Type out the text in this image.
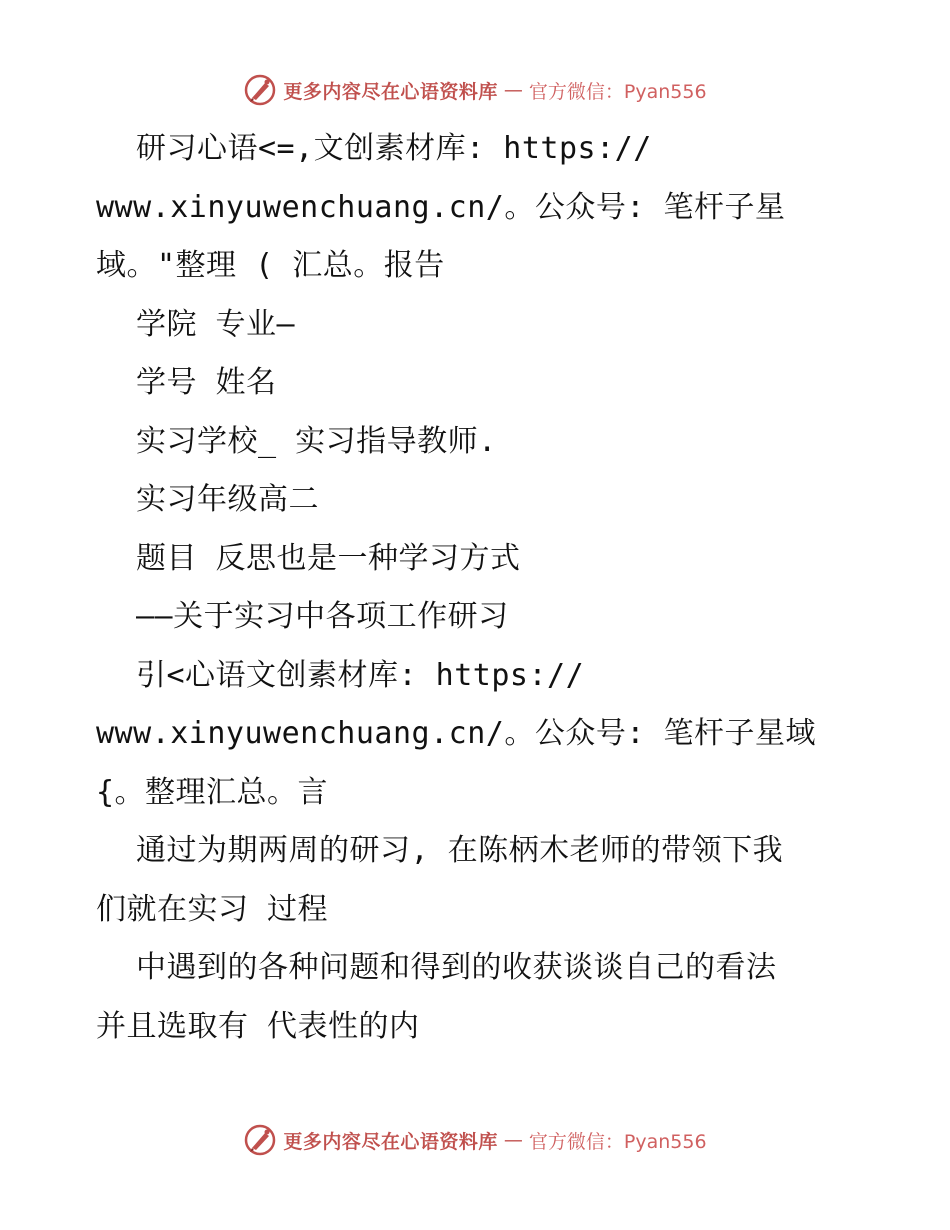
更多内容尽在心语资料库 — 官方微信：Pyan556
研习心语<=,文创素材库: https://
www.xinyuwenchuang.cn/。公众号: 笔杆子星
域。"整理 ( 汇总。报告
学院 专业—
学号 姓名
实习学校_ 实习指导教师.
实习年级高二
题目 反思也是一种学习方式
——关于实习中各项工作研习
引<心语文创素材库: https://
www.xinyuwenchuang.cn/。公众号: 笔杆子星域
{。整理汇总。言
通过为期两周的研习, 在陈柄木老师的带领下我
们就在实习 过程
中遇到的各种问题和得到的收获谈谈自己的看法
并且选取有 代表性的内
更多内容尽在心语资料库 — 官方微信：Pyan556
